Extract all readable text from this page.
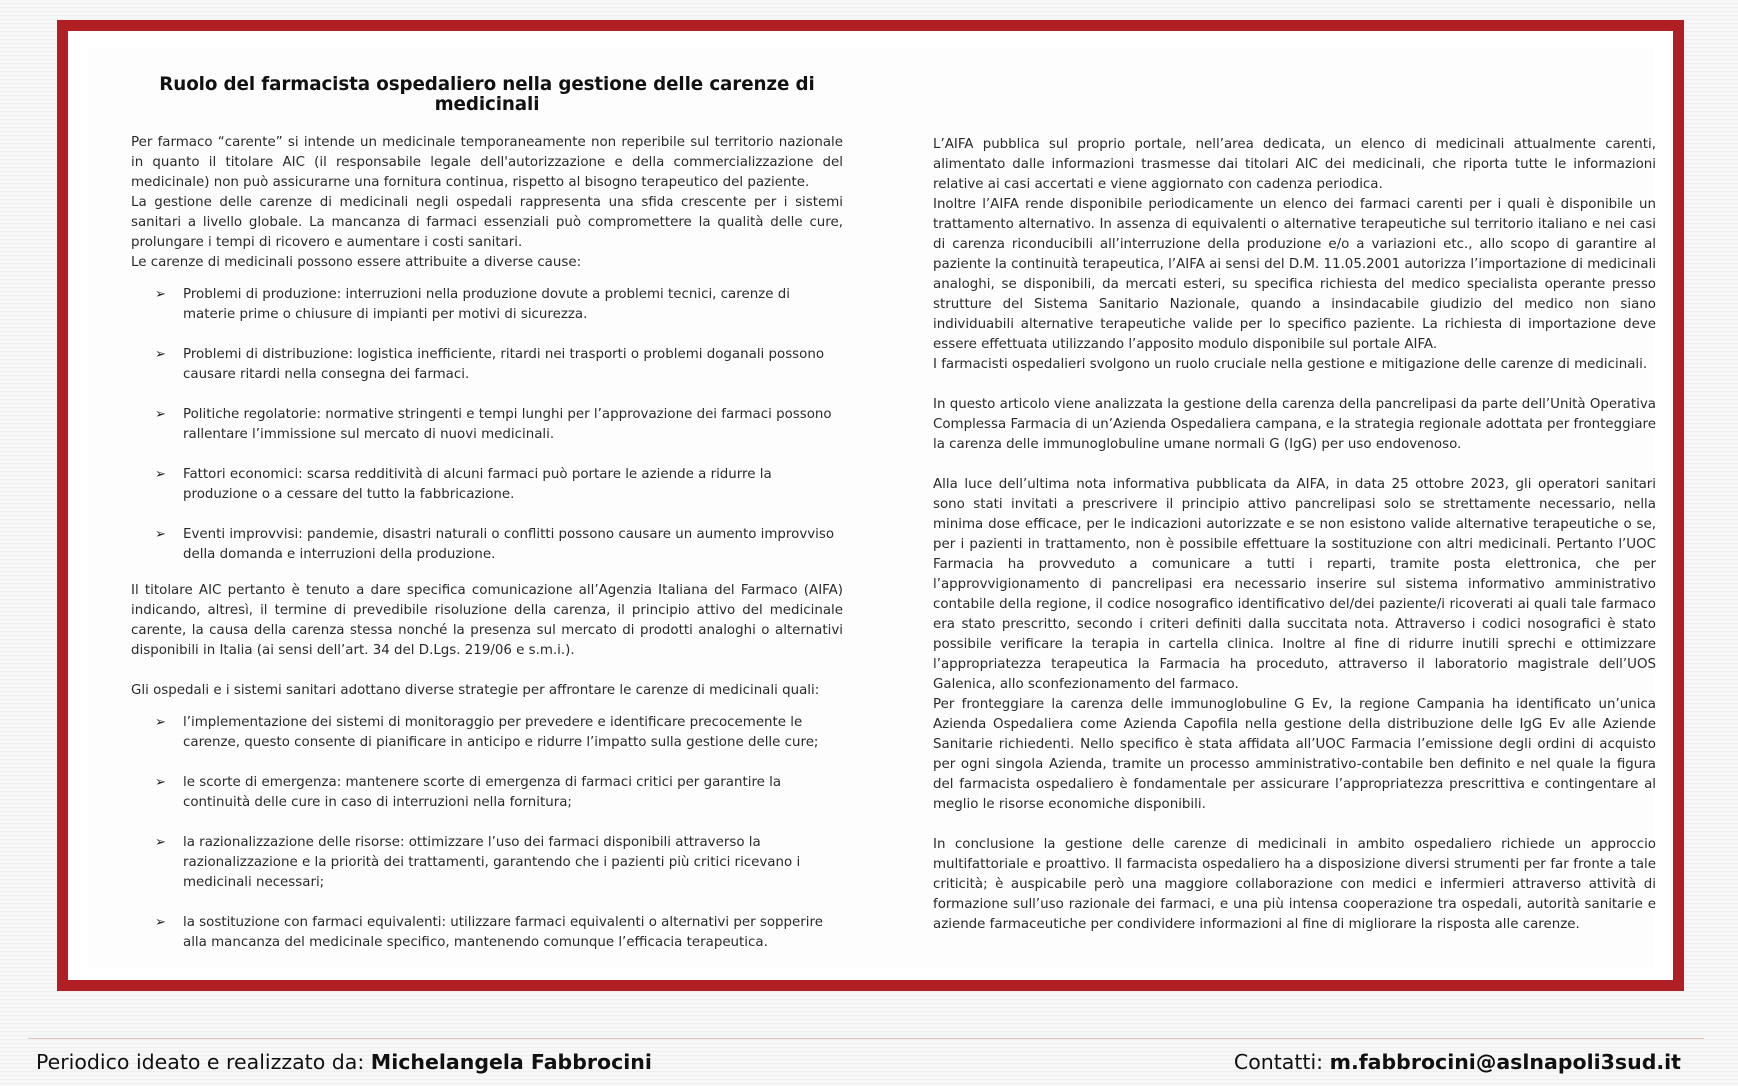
Ruolo del farmacista ospedaliero nella gestione delle carenze di medicinali

Per farmaco “carente” si intende un medicinale temporaneamente non reperibile sul territorio nazionale in quanto il titolare AIC (il responsabile legale dell'autorizzazione e della commercializzazione del medicinale) non può assicurarne una fornitura continua, rispetto al bisogno terapeutico del paziente.

La gestione delle carenze di medicinali negli ospedali rappresenta una sfida crescente per i sistemi sanitari a livello globale. La mancanza di farmaci essenziali può compromettere la qualità delle cure, prolungare i tempi di ricovero e aumentare i costi sanitari.

Le carenze di medicinali possono essere attribuite a diverse cause:

➢ Problemi di produzione: interruzioni nella produzione dovute a problemi tecnici, carenze di materie prime o chiusure di impianti per motivi di sicurezza.
➢ Problemi di distribuzione: logistica inefficiente, ritardi nei trasporti o problemi doganali possono causare ritardi nella consegna dei farmaci.
➢ Politiche regolatorie: normative stringenti e tempi lunghi per l’approvazione dei farmaci possono rallentare l’immissione sul mercato di nuovi medicinali.
➢ Fattori economici: scarsa redditività di alcuni farmaci può portare le aziende a ridurre la produzione o a cessare del tutto la fabbricazione.
➢ Eventi improvvisi: pandemie, disastri naturali o conflitti possono causare un aumento improvviso della domanda e interruzioni della produzione.

Il titolare AIC pertanto è tenuto a dare specifica comunicazione all’Agenzia Italiana del Farmaco (AIFA) indicando, altresì, il termine di prevedibile risoluzione della carenza, il principio attivo del medicinale carente, la causa della carenza stessa nonché la presenza sul mercato di prodotti analoghi o alternativi disponibili in Italia (ai sensi dell’art. 34 del D.Lgs. 219/06 e s.m.i.).

Gli ospedali e i sistemi sanitari adottano diverse strategie per affrontare le carenze di medicinali quali:

➢ l’implementazione dei sistemi di monitoraggio per prevedere e identificare precocemente le carenze, questo consente di pianificare in anticipo e ridurre l’impatto sulla gestione delle cure;
➢ le scorte di emergenza: mantenere scorte di emergenza di farmaci critici per garantire la continuità delle cure in caso di interruzioni nella fornitura;
➢ la razionalizzazione delle risorse: ottimizzare l’uso dei farmaci disponibili attraverso la razionalizzazione e la priorità dei trattamenti, garantendo che i pazienti più critici ricevano i medicinali necessari;
➢ la sostituzione con farmaci equivalenti: utilizzare farmaci equivalenti o alternativi per sopperire alla mancanza del medicinale specifico, mantenendo comunque l’efficacia terapeutica.

L’AIFA pubblica sul proprio portale, nell’area dedicata, un elenco di medicinali attualmente carenti, alimentato dalle informazioni trasmesse dai titolari AIC dei medicinali, che riporta tutte le informazioni relative ai casi accertati e viene aggiornato con cadenza periodica.

Inoltre l’AIFA rende disponibile periodicamente un elenco dei farmaci carenti per i quali è disponibile un trattamento alternativo. In assenza di equivalenti o alternative terapeutiche sul territorio italiano e nei casi di carenza riconducibili all’interruzione della produzione e/o a variazioni etc., allo scopo di garantire al paziente la continuità terapeutica, l’AIFA ai sensi del D.M. 11.05.2001 autorizza l’importazione di medicinali analoghi, se disponibili, da mercati esteri, su specifica richiesta del medico specialista operante presso strutture del Sistema Sanitario Nazionale, quando a insindacabile giudizio del medico non siano individuabili alternative terapeutiche valide per lo specifico paziente. La richiesta di importazione deve essere effettuata utilizzando l’apposito modulo disponibile sul portale AIFA.

I farmacisti ospedalieri svolgono un ruolo cruciale nella gestione e mitigazione delle carenze di medicinali.

In questo articolo viene analizzata la gestione della carenza della pancrelipasi da parte dell’Unità Operativa Complessa Farmacia di un’Azienda Ospedaliera campana, e la strategia regionale adottata per fronteggiare la carenza delle immunoglobuline umane normali G (IgG) per uso endovenoso.

Alla luce dell’ultima nota informativa pubblicata da AIFA, in data 25 ottobre 2023, gli operatori sanitari sono stati invitati a prescrivere il principio attivo pancrelipasi solo se strettamente necessario, nella minima dose efficace, per le indicazioni autorizzate e se non esistono valide alternative terapeutiche o se, per i pazienti in trattamento, non è possibile effettuare la sostituzione con altri medicinali. Pertanto l’UOC Farmacia ha provveduto a comunicare a tutti i reparti, tramite posta elettronica, che per l’approvvigionamento di pancrelipasi era necessario inserire sul sistema informativo amministrativo contabile della regione, il codice nosografico identificativo del/dei paziente/i ricoverati ai quali tale farmaco era stato prescritto, secondo i criteri definiti dalla succitata nota. Attraverso i codici nosografici è stato possibile verificare la terapia in cartella clinica. Inoltre al fine di ridurre inutili sprechi e ottimizzare l’appropriatezza terapeutica la Farmacia ha proceduto, attraverso il laboratorio magistrale dell’UOS Galenica, allo sconfezionamento del farmaco.

Per fronteggiare la carenza delle immunoglobuline G Ev, la regione Campania ha identificato un’unica Azienda Ospedaliera come Azienda Capofila nella gestione della distribuzione delle IgG Ev alle Aziende Sanitarie richiedenti. Nello specifico è stata affidata all’UOC Farmacia l’emissione degli ordini di acquisto per ogni singola Azienda, tramite un processo amministrativo-contabile ben definito e nel quale la figura del farmacista ospedaliero è fondamentale per assicurare l’appropriatezza prescrittiva e contingentare al meglio le risorse economiche disponibili.

In conclusione la gestione delle carenze di medicinali in ambito ospedaliero richiede un approccio multifattoriale e proattivo. Il farmacista ospedaliero ha a disposizione diversi strumenti per far fronte a tale criticità; è auspicabile però una maggiore collaborazione con medici e infermieri attraverso attività di formazione sull’uso razionale dei farmaci, e una più intensa cooperazione tra ospedali, autorità sanitarie e aziende farmaceutiche per condividere informazioni al fine di migliorare la risposta alle carenze.

Periodico ideato e realizzato da: Michelangela Fabbrocini	Contatti: m.fabbrocini@aslnapoli3sud.it
